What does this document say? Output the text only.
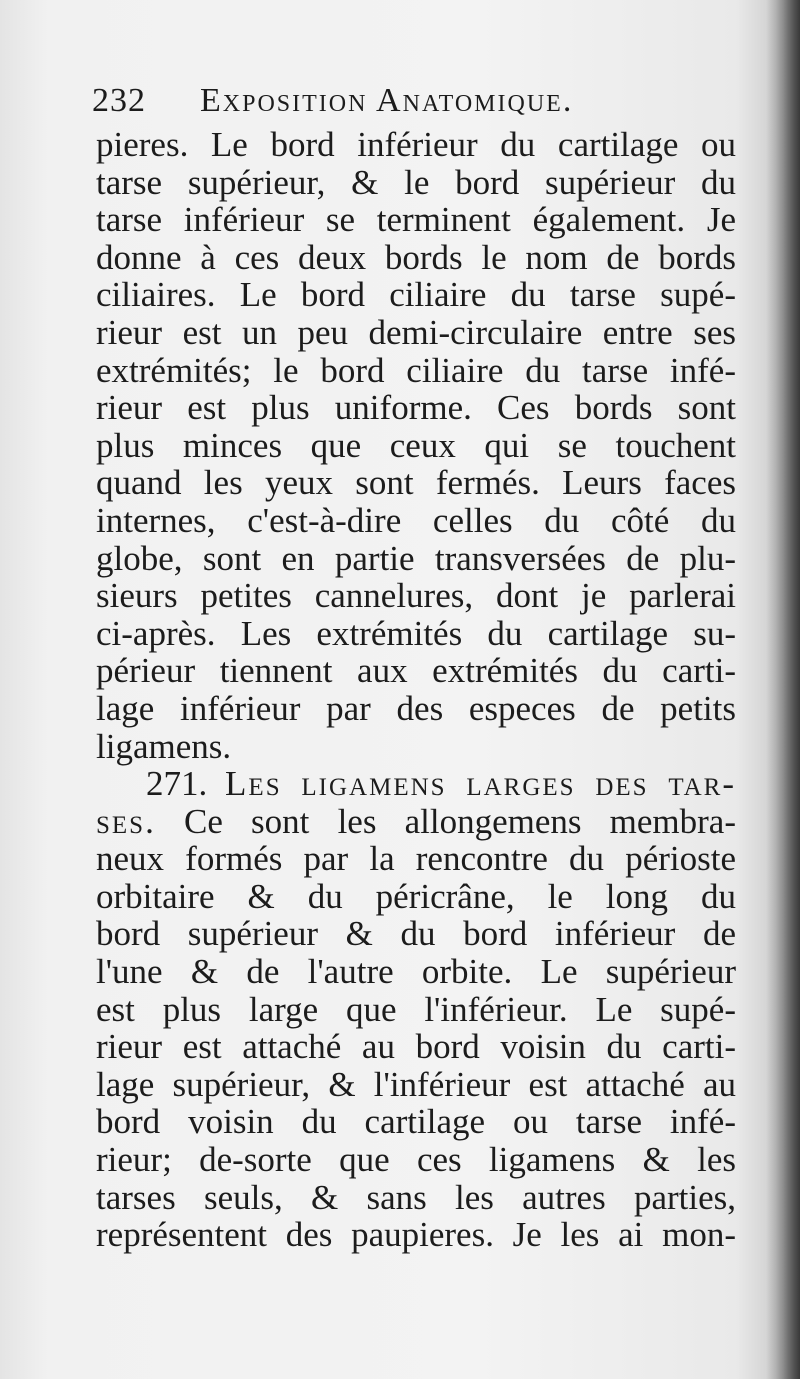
232 Exposition Anatomique.
pieres. Le bord inférieur du cartilage ou
tarse supérieur, & le bord supérieur du
tarse inférieur se terminent également. Je
donne à ces deux bords le nom de bords
ciliaires. Le bord ciliaire du tarse supé-
rieur est un peu demi-circulaire entre ses
extrémités; le bord ciliaire du tarse infé-
rieur est plus uniforme. Ces bords sont
plus minces que ceux qui se touchent
quand les yeux sont fermés. Leurs faces
internes, c'est-à-dire celles du côté du
globe, sont en partie transversées de plu-
sieurs petites cannelures, dont je parlerai
ci-après. Les extrémités du cartilage su-
périeur tiennent aux extrémités du carti-
lage inférieur par des especes de petits
ligamens.
271. Les ligamens larges des tar-
ses. Ce sont les allongemens membra-
neux formés par la rencontre du périoste
orbitaire & du péricrâne, le long du
bord supérieur & du bord inférieur de
l'une & de l'autre orbite. Le supérieur
est plus large que l'inférieur. Le supé-
rieur est attaché au bord voisin du carti-
lage supérieur, & l'inférieur est attaché au
bord voisin du cartilage ou tarse infé-
rieur; de-sorte que ces ligamens & les
tarses seuls, & sans les autres parties,
représentent des paupieres. Je les ai mon-
